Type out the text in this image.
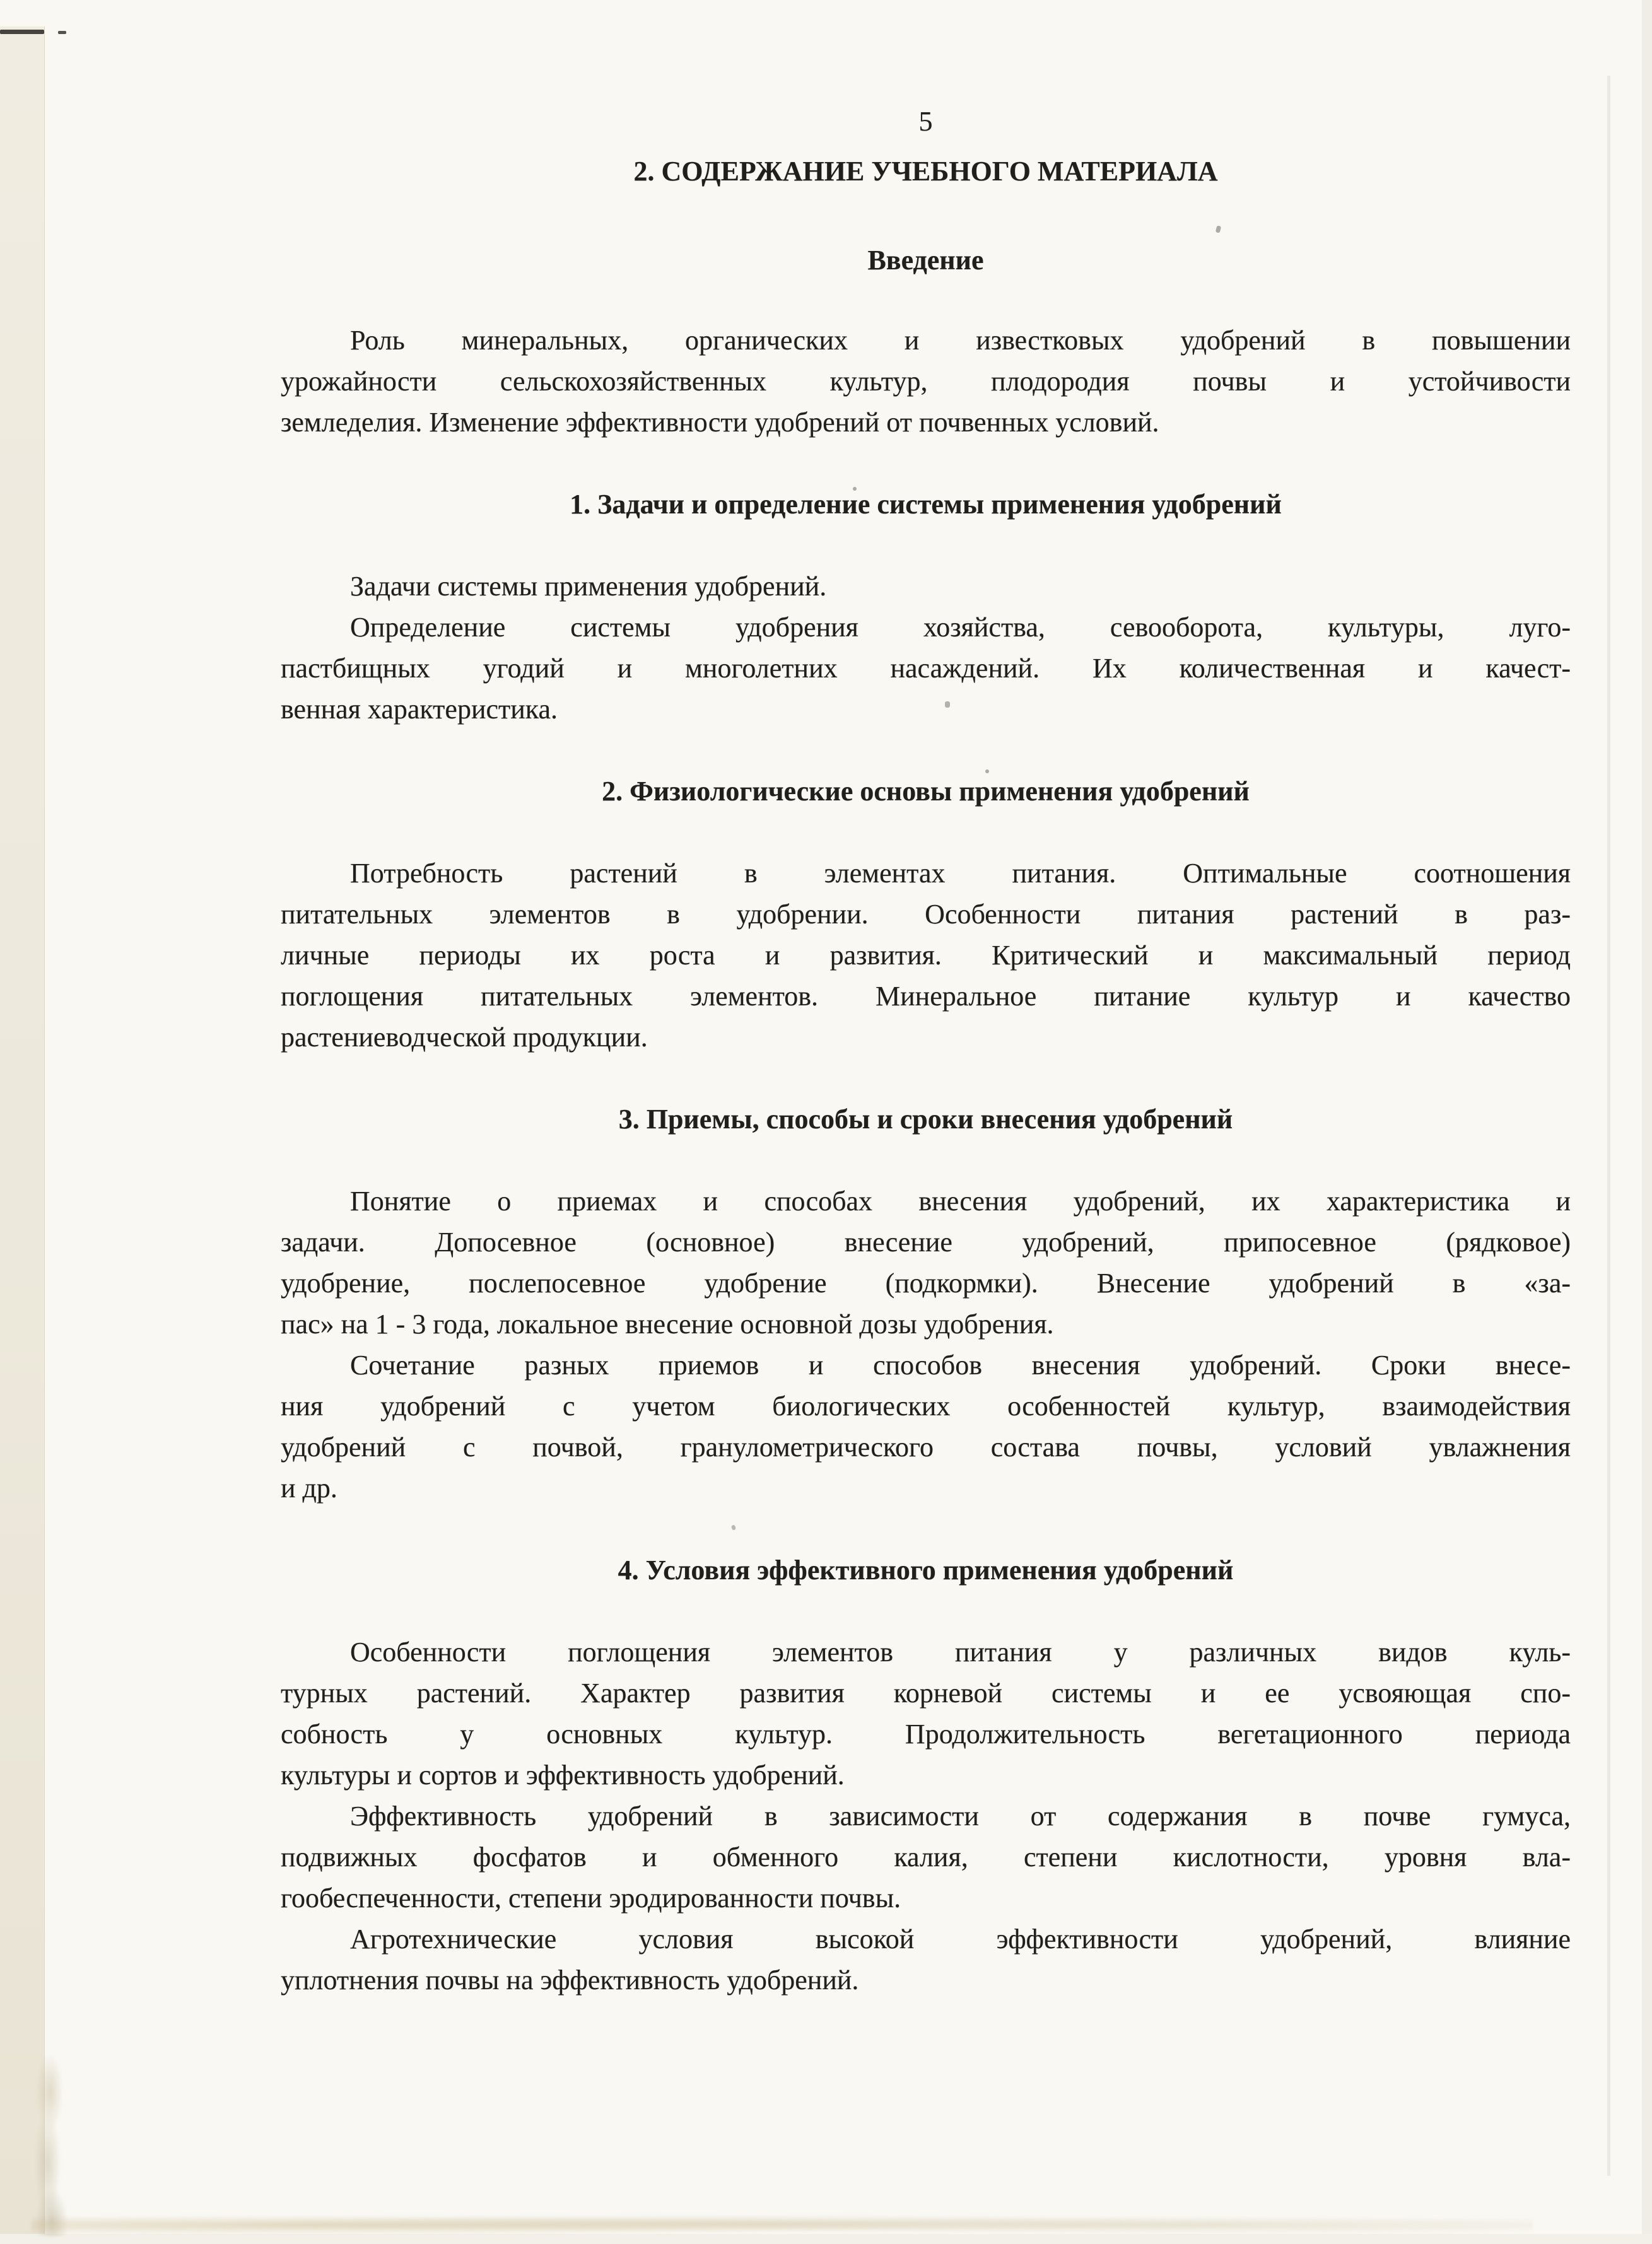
5
2. СОДЕРЖАНИЕ УЧЕБНОГО МАТЕРИАЛА
Введение
Роль минеральных, органических и известковых удобрений в повышении
урожайности сельскохозяйственных культур, плодородия почвы и устойчивости
земледелия. Изменение эффективности удобрений от почвенных условий.
1. Задачи и определение системы применения удобрений
Задачи системы применения удобрений.
Определение системы удобрения хозяйства, севооборота, культуры, луго-
пастбищных угодий и многолетних насаждений. Их количественная и качест-
венная характеристика.
2. Физиологические основы применения удобрений
Потребность растений в элементах питания. Оптимальные соотношения
питательных элементов в удобрении. Особенности питания растений в раз-
личные периоды их роста и развития. Критический и максимальный период
поглощения питательных элементов. Минеральное питание культур и качество
растениеводческой продукции.
3. Приемы, способы и сроки внесения удобрений
Понятие о приемах и способах внесения удобрений, их характеристика и
задачи. Допосевное (основное) внесение удобрений, припосевное (рядковое)
удобрение, послепосевное удобрение (подкормки). Внесение удобрений в «за-
пас» на 1 - 3 года, локальное внесение основной дозы удобрения.
Сочетание разных приемов и способов внесения удобрений. Сроки внесе-
ния удобрений с учетом биологических особенностей культур, взаимодействия
удобрений с почвой, гранулометрического состава почвы, условий увлажнения
и др.
4. Условия эффективного применения удобрений
Особенности поглощения элементов питания у различных видов куль-
турных растений. Характер развития корневой системы и ее усвояющая спо-
собность у основных культур. Продолжительность вегетационного периода
культуры и сортов и эффективность удобрений.
Эффективность удобрений в зависимости от содержания в почве гумуса,
подвижных фосфатов и обменного калия, степени кислотности, уровня вла-
гообеспеченности, степени эродированности почвы.
Агротехнические условия высокой эффективности удобрений, влияние
уплотнения почвы на эффективность удобрений.
